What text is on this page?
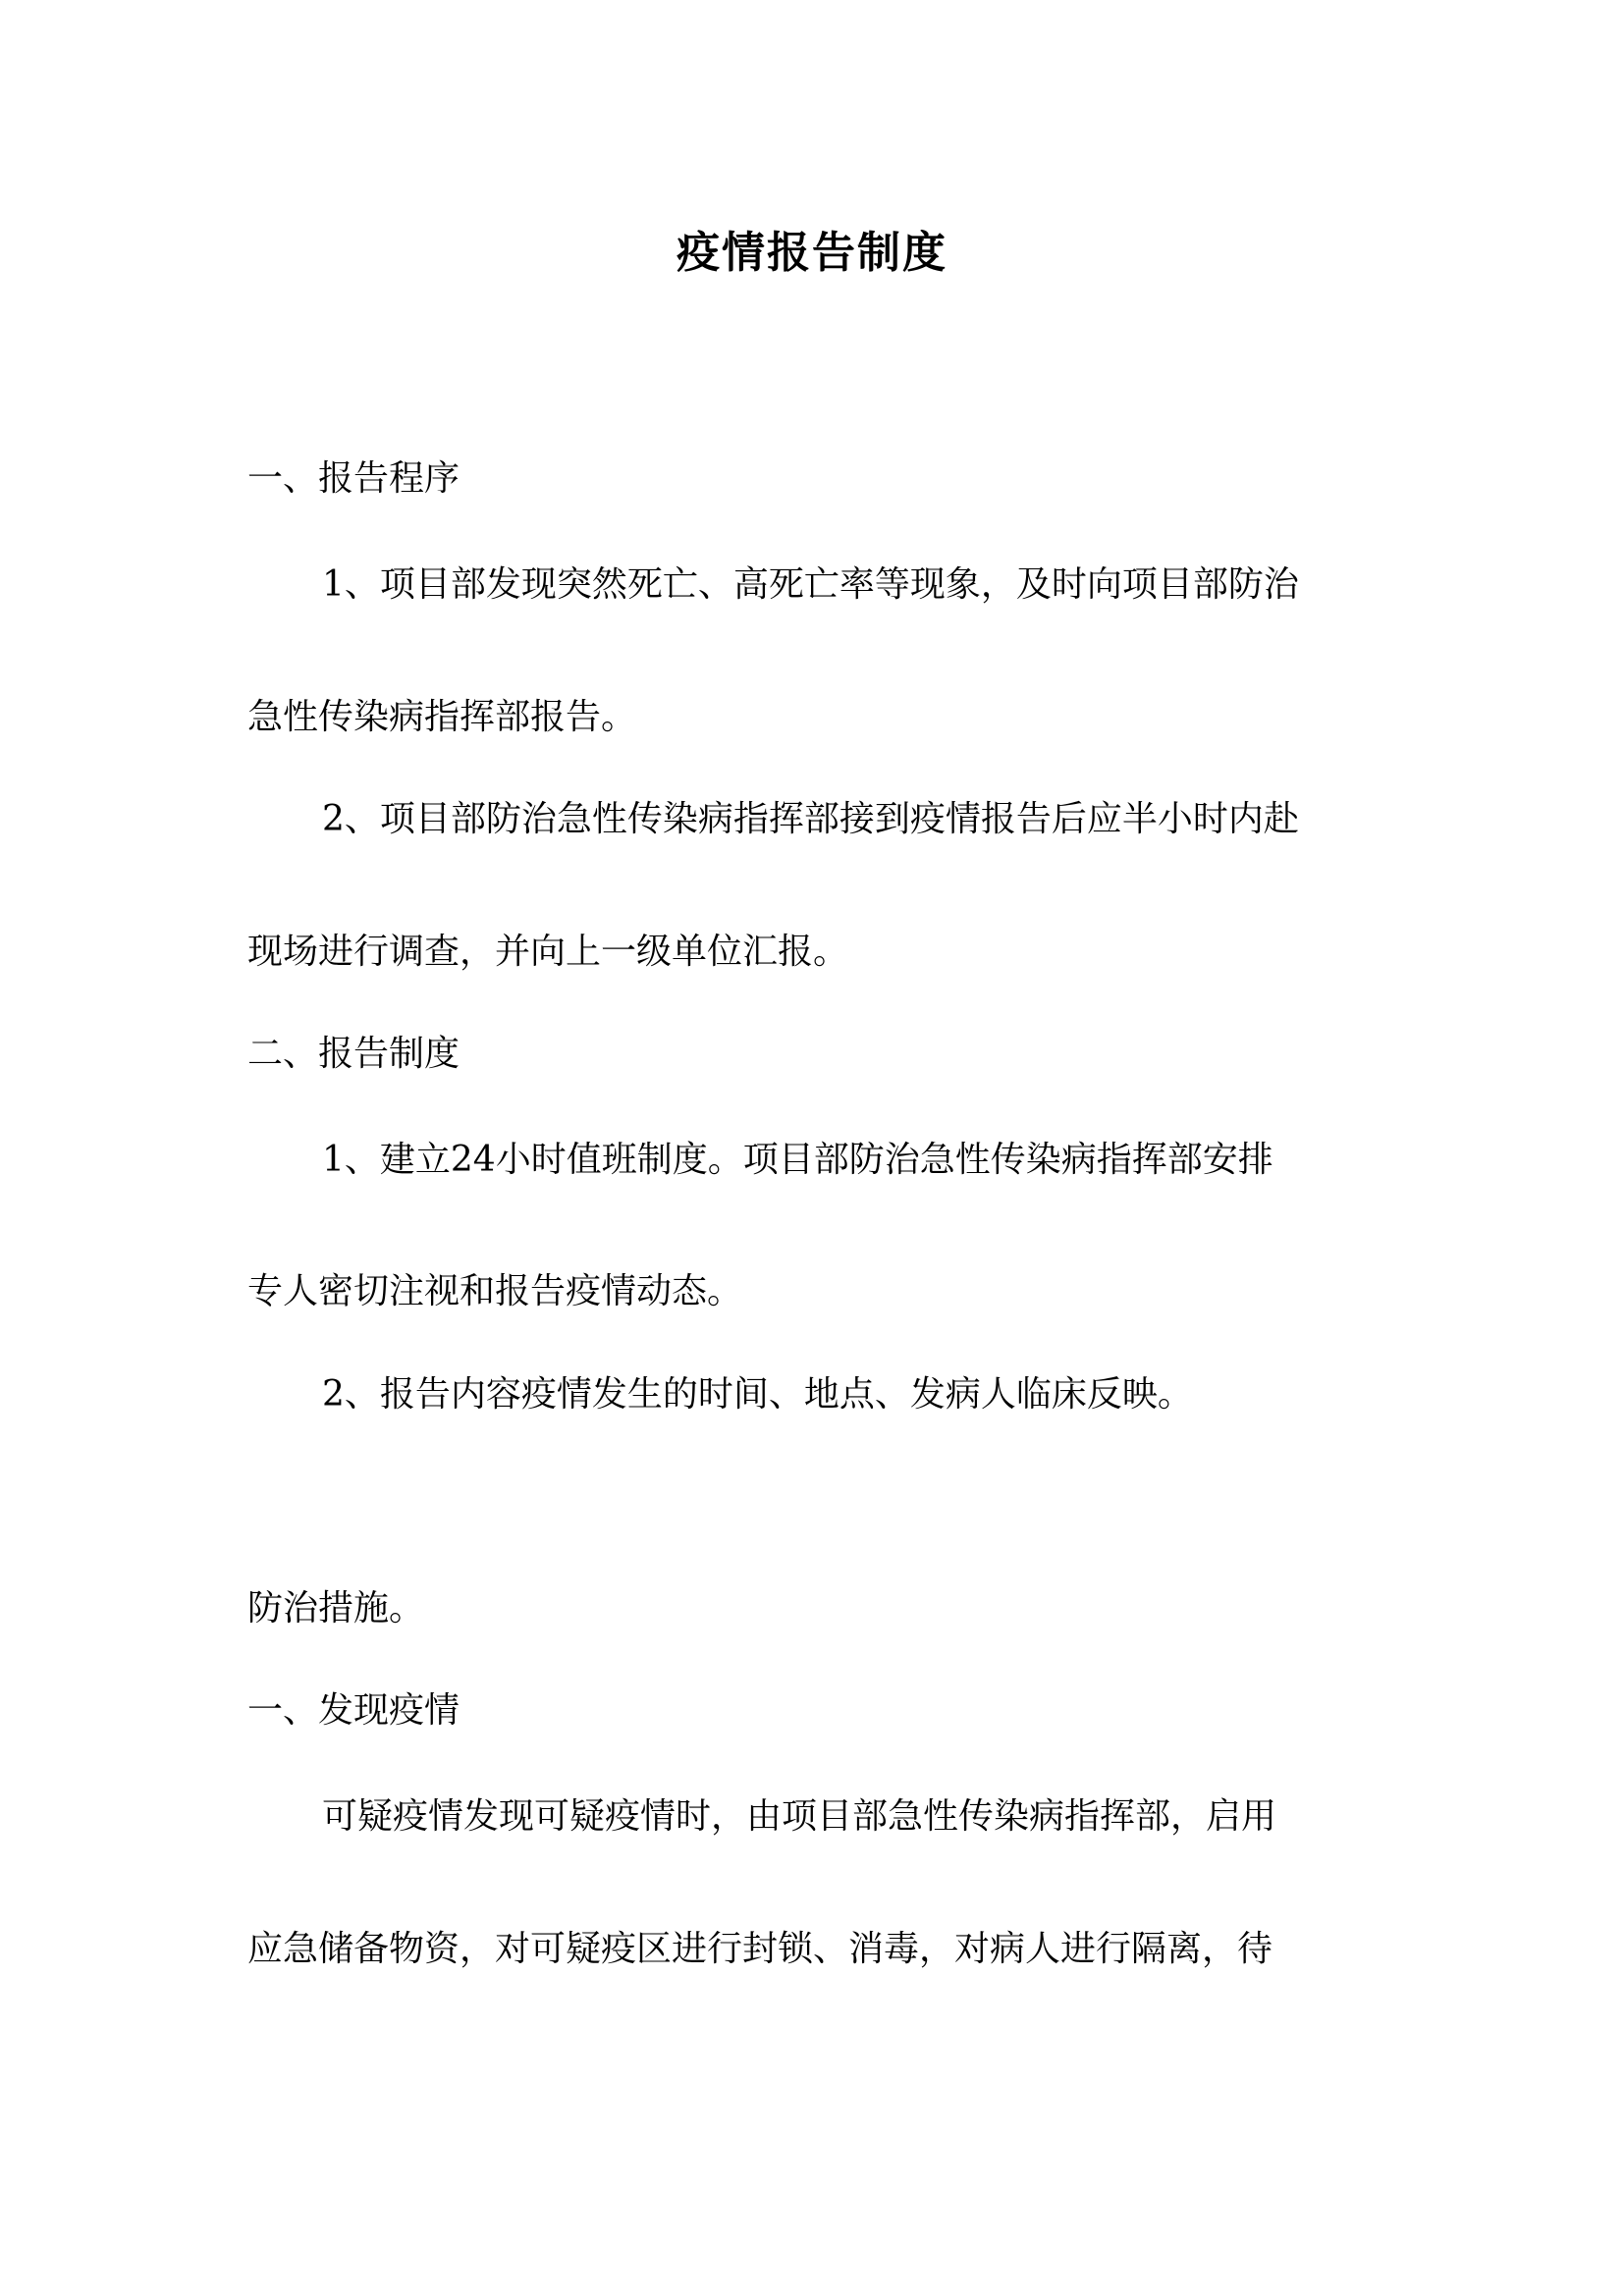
疫情报告制度
一、报告程序
1、项目部发现突然死亡、高死亡率等现象，及时向项目部防治
急性传染病指挥部报告。
2、项目部防治急性传染病指挥部接到疫情报告后应半小时内赴
现场进行调查，并向上一级单位汇报。
二、报告制度
1、建立24小时值班制度。项目部防治急性传染病指挥部安排
专人密切注视和报告疫情动态。
2、报告内容疫情发生的时间、地点、发病人临床反映。
防治措施。
一、发现疫情
可疑疫情发现可疑疫情时，由项目部急性传染病指挥部，启用
应急储备物资，对可疑疫区进行封锁、消毒，对病人进行隔离，待
